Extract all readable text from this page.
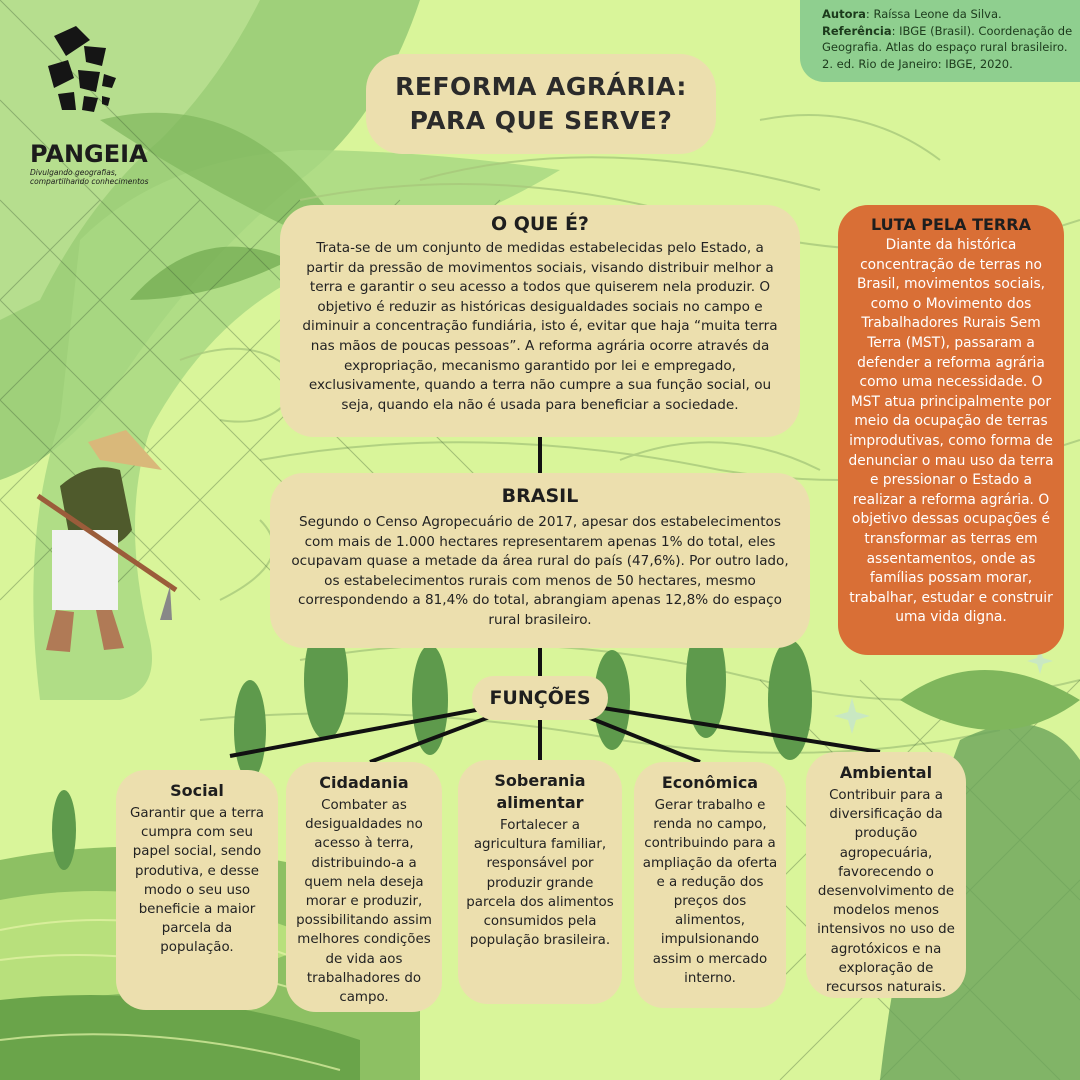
Autora: Raíssa Leone da Silva.
Referência: IBGE (Brasil). Coordenação de Geografia. Atlas do espaço rural brasileiro. 2. ed. Rio de Janeiro: IBGE, 2020.
PANGEIA
Divulgando geografias,
compartilhando conhecimentos
REFORMA AGRÁRIA:
PARA QUE SERVE?
O QUE É?
Trata-se de um conjunto de medidas estabelecidas pelo Estado, a partir da pressão de movimentos sociais, visando distribuir melhor a terra e garantir o seu acesso a todos que quiserem nela produzir. O objetivo é reduzir as históricas desigualdades sociais no campo e diminuir a concentração fundiária, isto é, evitar que haja “muita terra nas mãos de poucas pessoas”. A reforma agrária ocorre através da expropriação, mecanismo garantido por lei e empregado, exclusivamente, quando a terra não cumpre a sua função social, ou seja, quando ela não é usada para beneficiar a sociedade.
BRASIL
Segundo o Censo Agropecuário de 2017, apesar dos estabelecimentos com mais de 1.000 hectares representarem apenas 1% do total, eles ocupavam quase a metade da área rural do país (47,6%). Por outro lado, os estabelecimentos rurais com menos de 50 hectares, mesmo correspondendo a 81,4% do total, abrangiam apenas 12,8% do espaço rural brasileiro.
LUTA PELA TERRA
Diante da histórica concentração de terras no Brasil, movimentos sociais, como o Movimento dos Trabalhadores Rurais Sem Terra (MST), passaram a defender a reforma agrária como uma necessidade. O MST atua principalmente por meio da ocupação de terras improdutivas, como forma de denunciar o mau uso da terra e pressionar o Estado a realizar a reforma agrária. O objetivo dessas ocupações é transformar as terras em assentamentos, onde as famílias possam morar, trabalhar, estudar e construir uma vida digna.
FUNÇÕES
Social
Garantir que a terra cumpra com seu papel social, sendo produtiva, e desse modo o seu uso beneficie a maior parcela da população.
Cidadania
Combater as desigualdades no acesso à terra, distribuindo-a a quem nela deseja morar e produzir, possibilitando assim melhores condições de vida aos trabalhadores do campo.
Soberania alimentar
Fortalecer a agricultura familiar, responsável por produzir grande parcela dos alimentos consumidos pela população brasileira.
Econômica
Gerar trabalho e renda no campo, contribuindo para a ampliação da oferta e a redução dos preços dos alimentos, impulsionando assim o mercado interno.
Ambiental
Contribuir para a diversificação da produção agropecuária, favorecendo o desenvolvimento de modelos menos intensivos no uso de agrotóxicos e na exploração de recursos naturais.
